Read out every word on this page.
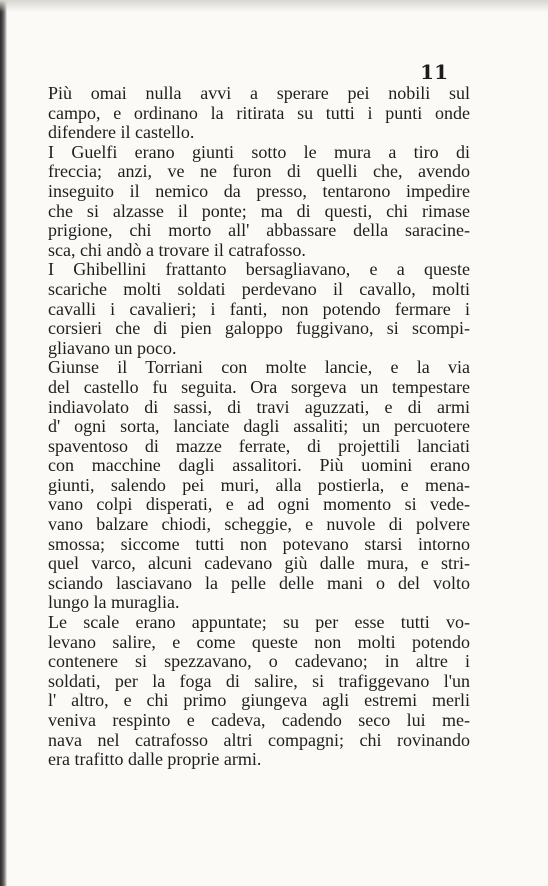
11

Più omai nulla avvi a sperare pei nobili sul
campo, e ordinano la ritirata su tutti i punti onde
difendere il castello.

I Guelfi erano giunti sotto le mura a tiro di
freccia; anzi, ve ne furon di quelli che, avendo
inseguito il nemico da presso, tentarono impedire
che si alzasse il ponte; ma di questi, chi rimase
prigione, chi morto all' abbassare della saracine-
sca, chi andò a trovare il catrafosso.

I Ghibellini frattanto bersagliavano, e a queste
scariche molti soldati perdevano il cavallo, molti
cavalli i cavalieri; i fanti, non potendo fermare i
corsieri che di pien galoppo fuggivano, si scompi-
gliavano un poco.

Giunse il Torriani con molte lancie, e la via
del castello fu seguita. Ora sorgeva un tempestare
indiavolato di sassi, di travi aguzzati, e di armi
d' ogni sorta, lanciate dagli assaliti; un percuotere
spaventoso di mazze ferrate, di projettili lanciati
con macchine dagli assalitori. Più uomini erano
giunti, salendo pei muri, alla postierla, e mena-
vano colpi disperati, e ad ogni momento si vede-
vano balzare chiodi, scheggie, e nuvole di polvere
smossa; siccome tutti non potevano starsi intorno
quel varco, alcuni cadevano giù dalle mura, e stri-
sciando lasciavano la pelle delle mani o del volto
lungo la muraglia.

Le scale erano appuntate; su per esse tutti vo-
levano salire, e come queste non molti potendo
contenere si spezzavano, o cadevano; in altre i
soldati, per la foga di salire, si trafiggevano l'un
l' altro, e chi primo giungeva agli estremi merli
veniva respinto e cadeva, cadendo seco lui me-
nava nel catrafosso altri compagni; chi rovinando
era trafitto dalle proprie armi.
